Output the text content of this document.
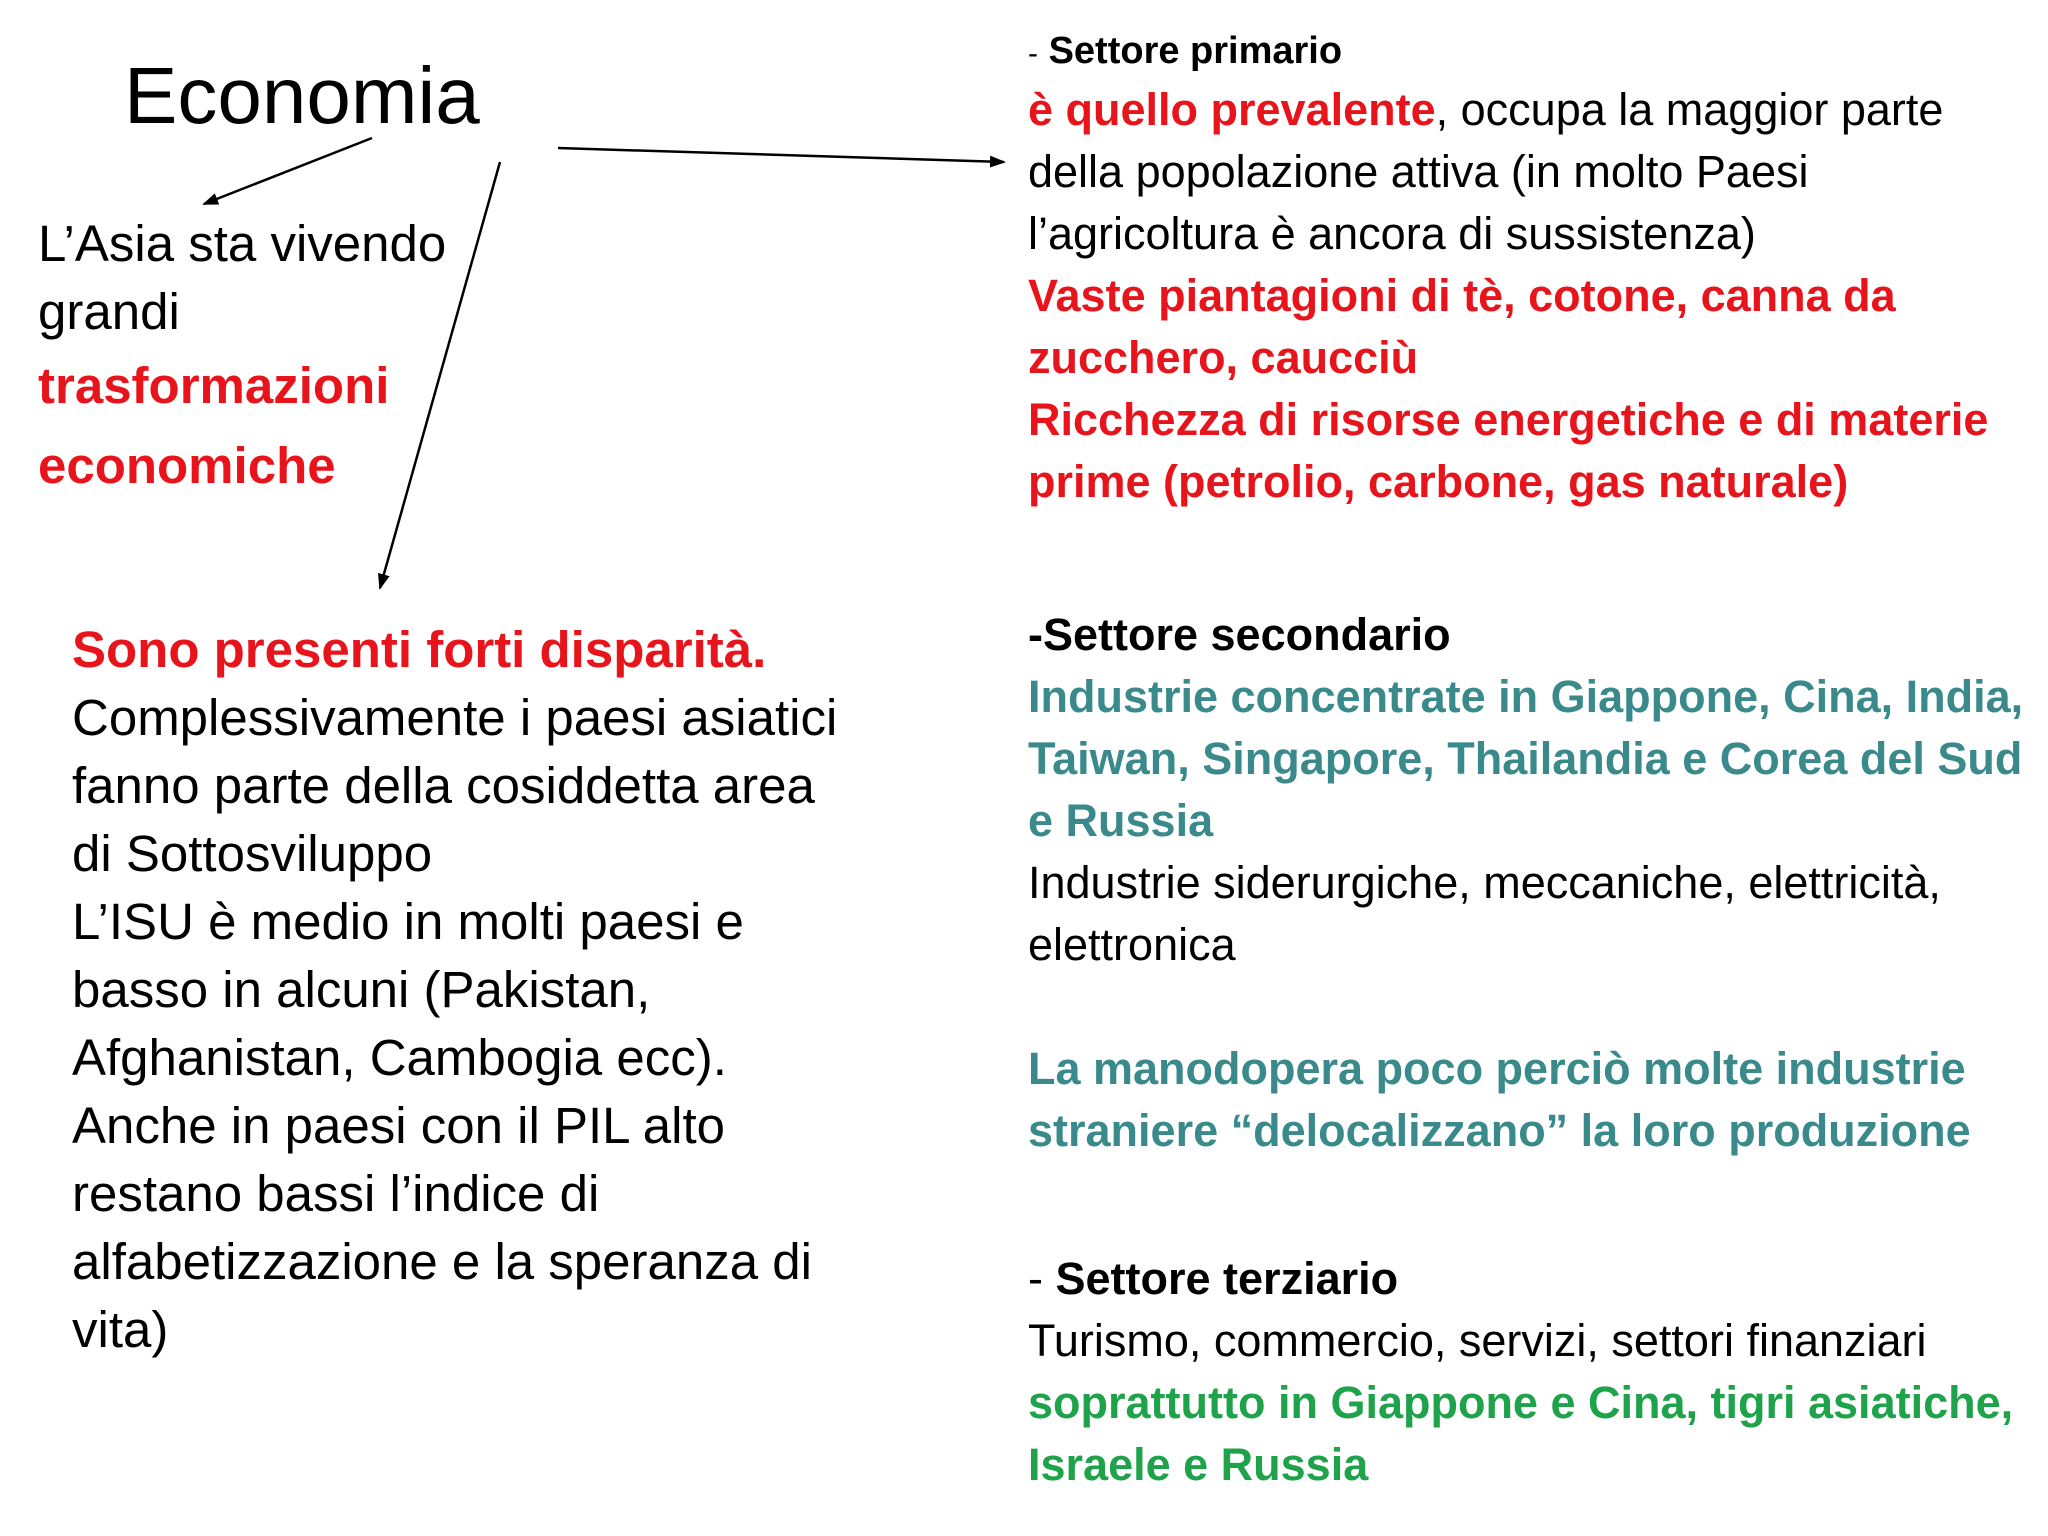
Economia
L’Asia sta vivendo grandi
trasformazioni
economiche
Sono presenti forti disparità.
Complessivamente i paesi asiatici
fanno parte della cosiddetta area
di Sottosviluppo
L’ISU è medio in molti paesi e
basso in alcuni (Pakistan,
Afghanistan, Cambogia ecc).
Anche in paesi con il PIL alto
restano bassi l’indice di
alfabetizzazione e la speranza di
vita)
- Settore primario
è quello prevalente, occupa la maggior parte della popolazione attiva (in molto Paesi l’agricoltura è ancora di sussistenza)
Vaste piantagioni di tè, cotone, canna da zucchero, caucciù
Ricchezza di risorse energetiche e di materie prime (petrolio, carbone, gas naturale)
-Settore secondario
Industrie concentrate in Giappone, Cina, India, Taiwan, Singapore, Thailandia e Corea del Sud e Russia
Industrie siderurgiche, meccaniche, elettricità, elettronica
La manodopera poco perciò molte industrie straniere “delocalizzano” la loro produzione
- Settore terziario
Turismo, commercio, servizi, settori finanziari soprattutto in Giappone e Cina, tigri asiatiche, Israele e Russia
